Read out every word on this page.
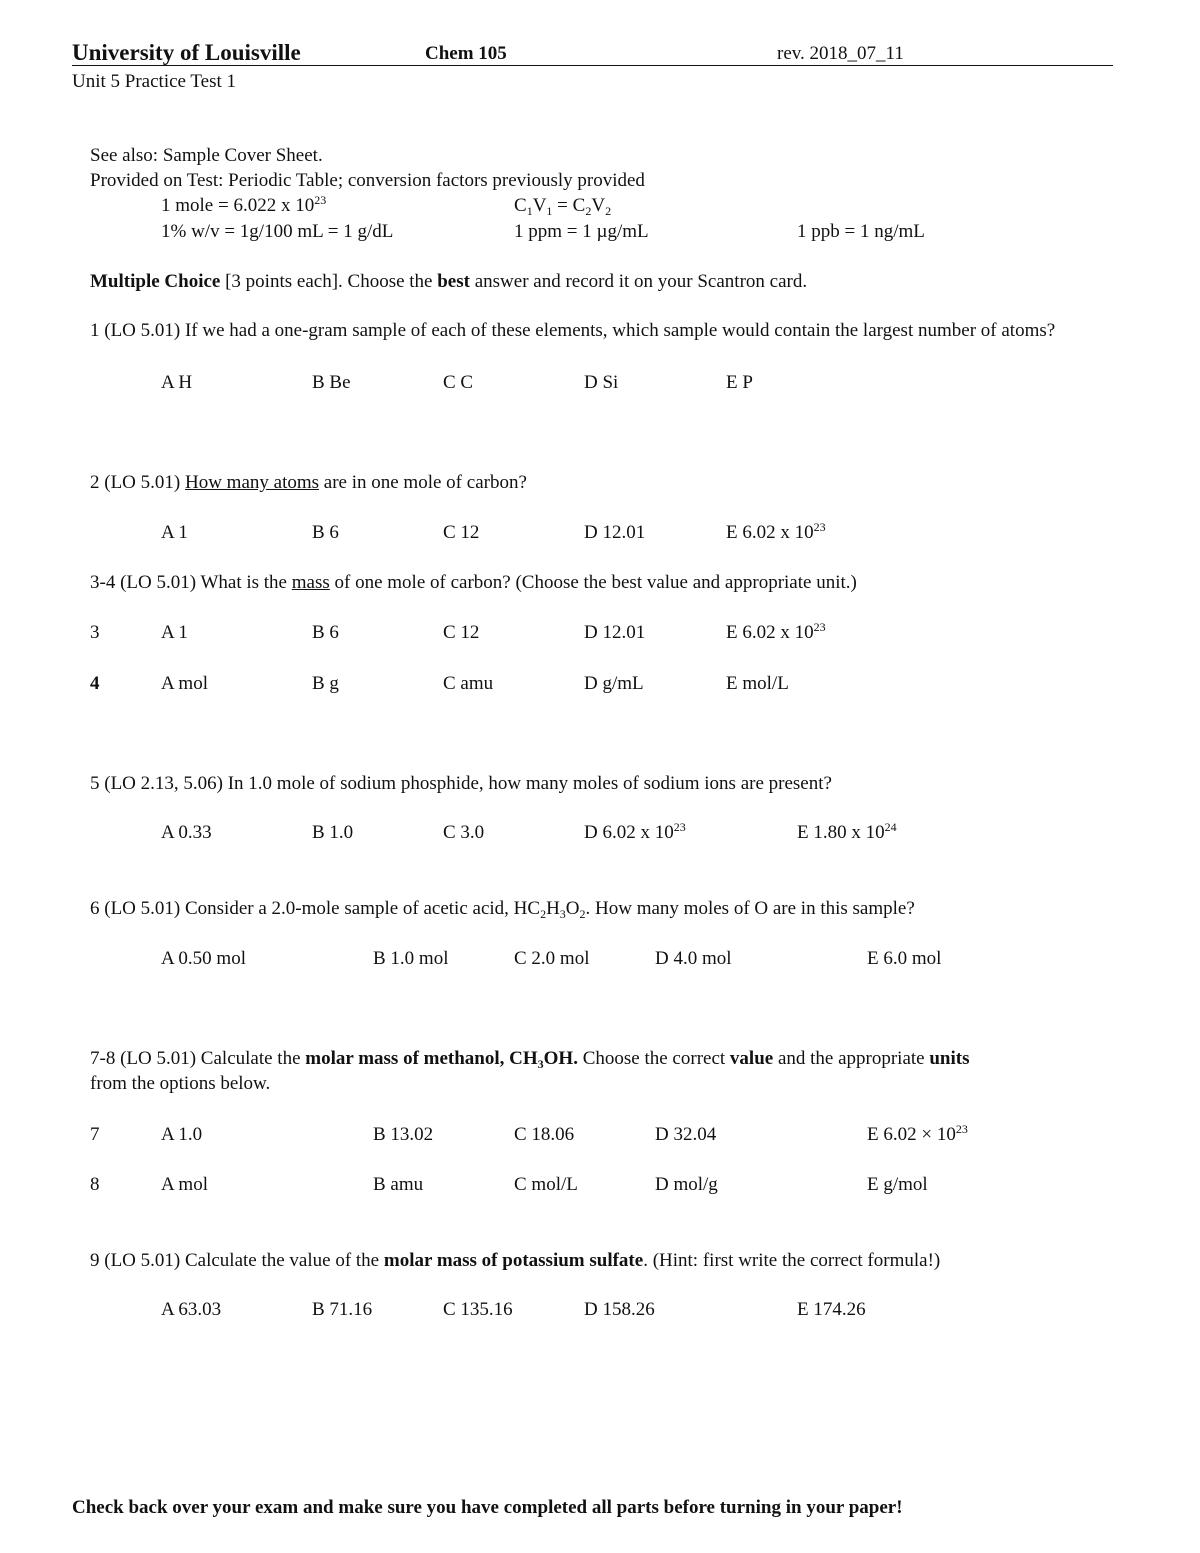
University of Louisville	Chem 105	rev. 2018_07_11
Unit 5 Practice Test 1
See also: Sample Cover Sheet.
Provided on Test: Periodic Table; conversion factors previously provided
1 mole = 6.022 x $10^{23}$	$C_1V_1 = C_2V_2$
1% w/v = 1g/100 mL = 1 g/dL	1 ppm = 1 µg/mL	1 ppb = 1 ng/mL
Multiple Choice [3 points each]. Choose the best answer and record it on your Scantron card.
1 (LO 5.01) If we had a one-gram sample of each of these elements, which sample would contain the largest number of atoms?
A H	B Be	C C	D Si	E P
2 (LO 5.01) How many atoms are in one mole of carbon?
A 1	B 6	C 12	D 12.01	E 6.02 x $10^{23}$
3-4 (LO 5.01) What is the mass of one mole of carbon? (Choose the best value and appropriate unit.)
3	A 1	B 6	C 12	D 12.01	E 6.02 x $10^{23}$
4	A mol	B g	C amu	D g/mL	E mol/L
5 (LO 2.13, 5.06) In 1.0 mole of sodium phosphide, how many moles of sodium ions are present?
A 0.33	B 1.0	C 3.0	D 6.02 x $10^{23}$	E 1.80 x $10^{24}$
6 (LO 5.01) Consider a 2.0-mole sample of acetic acid, $HC_2H_3O_2$. How many moles of O are in this sample?
A 0.50 mol	B 1.0 mol	C 2.0 mol	D 4.0 mol	E 6.0 mol
7-8 (LO 5.01) Calculate the molar mass of methanol, $CH_3OH$. Choose the correct value and the appropriate units
from the options below.
7	A 1.0	B 13.02	C 18.06	D 32.04	E $6.02 \times 10^{23}$
8	A mol	B amu	C mol/L	D mol/g	E g/mol
9 (LO 5.01) Calculate the value of the molar mass of potassium sulfate. (Hint: first write the correct formula!)
A 63.03	B 71.16	C 135.16	D 158.26	E 174.26
Check back over your exam and make sure you have completed all parts before turning in your paper!
